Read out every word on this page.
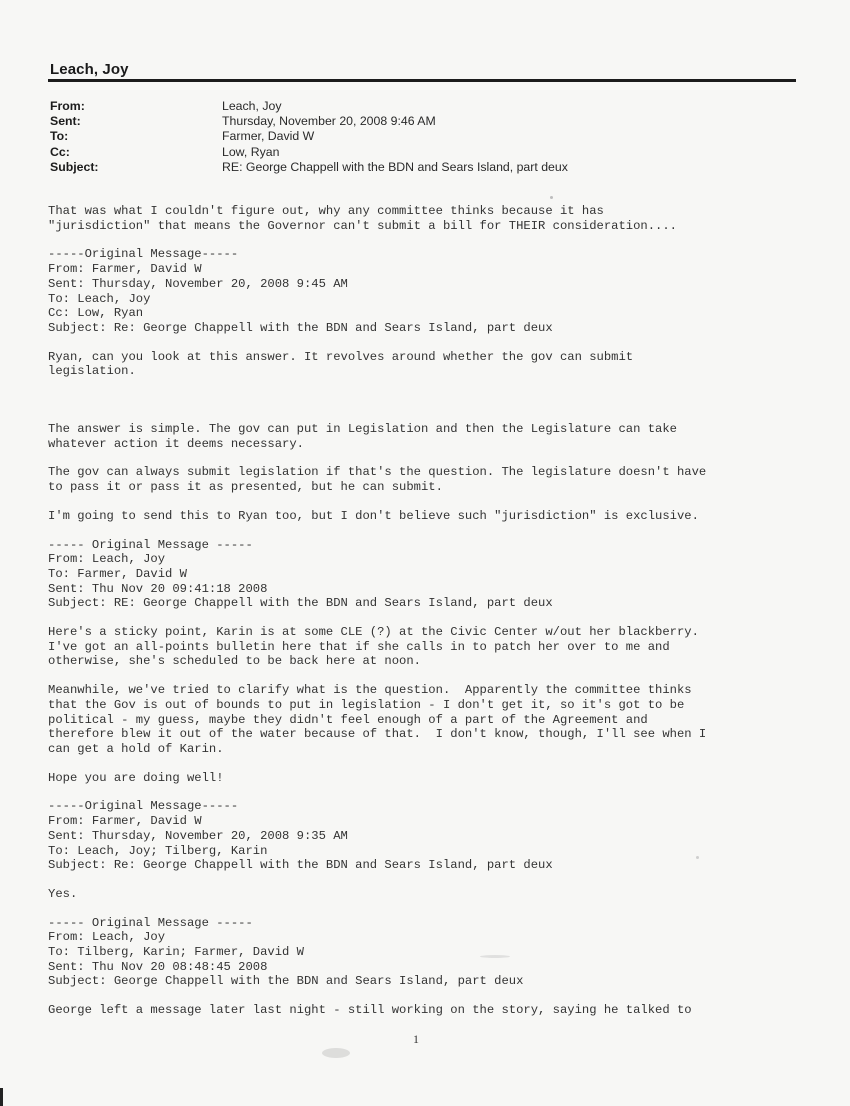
Leach, Joy
From:	Leach, Joy
Sent:	Thursday, November 20, 2008 9:46 AM
To:	Farmer, David W
Cc:	Low, Ryan
Subject:	RE: George Chappell with the BDN and Sears Island, part deux

That was what I couldn't figure out, why any committee thinks because it has

"jurisdiction" that means the Governor can't submit a bill for THEIR consideration....

-----Original Message-----

From: Farmer, David W

Sent: Thursday, November 20, 2008 9:45 AM

To: Leach, Joy

Cc: Low, Ryan

Subject: Re: George Chappell with the BDN and Sears Island, part deux

Ryan, can you look at this answer. It revolves around whether the gov can submit

legislation.

The answer is simple. The gov can put in Legislation and then the Legislature can take

whatever action it deems necessary.

The gov can always submit legislation if that's the question. The legislature doesn't have

to pass it or pass it as presented, but he can submit.

I'm going to send this to Ryan too, but I don't believe such "jurisdiction" is exclusive.

----- Original Message -----

From: Leach, Joy

To: Farmer, David W

Sent: Thu Nov 20 09:41:18 2008

Subject: RE: George Chappell with the BDN and Sears Island, part deux

Here's a sticky point, Karin is at some CLE (?) at the Civic Center w/out her blackberry.

I've got an all-points bulletin here that if she calls in to patch her over to me and

otherwise, she's scheduled to be back here at noon.

Meanwhile, we've tried to clarify what is the question.  Apparently the committee thinks

that the Gov is out of bounds to put in legislation - I don't get it, so it's got to be

political - my guess, maybe they didn't feel enough of a part of the Agreement and

therefore blew it out of the water because of that.  I don't know, though, I'll see when I

can get a hold of Karin.

Hope you are doing well!

-----Original Message-----

From: Farmer, David W

Sent: Thursday, November 20, 2008 9:35 AM

To: Leach, Joy; Tilberg, Karin

Subject: Re: George Chappell with the BDN and Sears Island, part deux

Yes.

----- Original Message -----

From: Leach, Joy

To: Tilberg, Karin; Farmer, David W

Sent: Thu Nov 20 08:48:45 2008

Subject: George Chappell with the BDN and Sears Island, part deux

George left a message later last night - still working on the story, saying he talked to

1
